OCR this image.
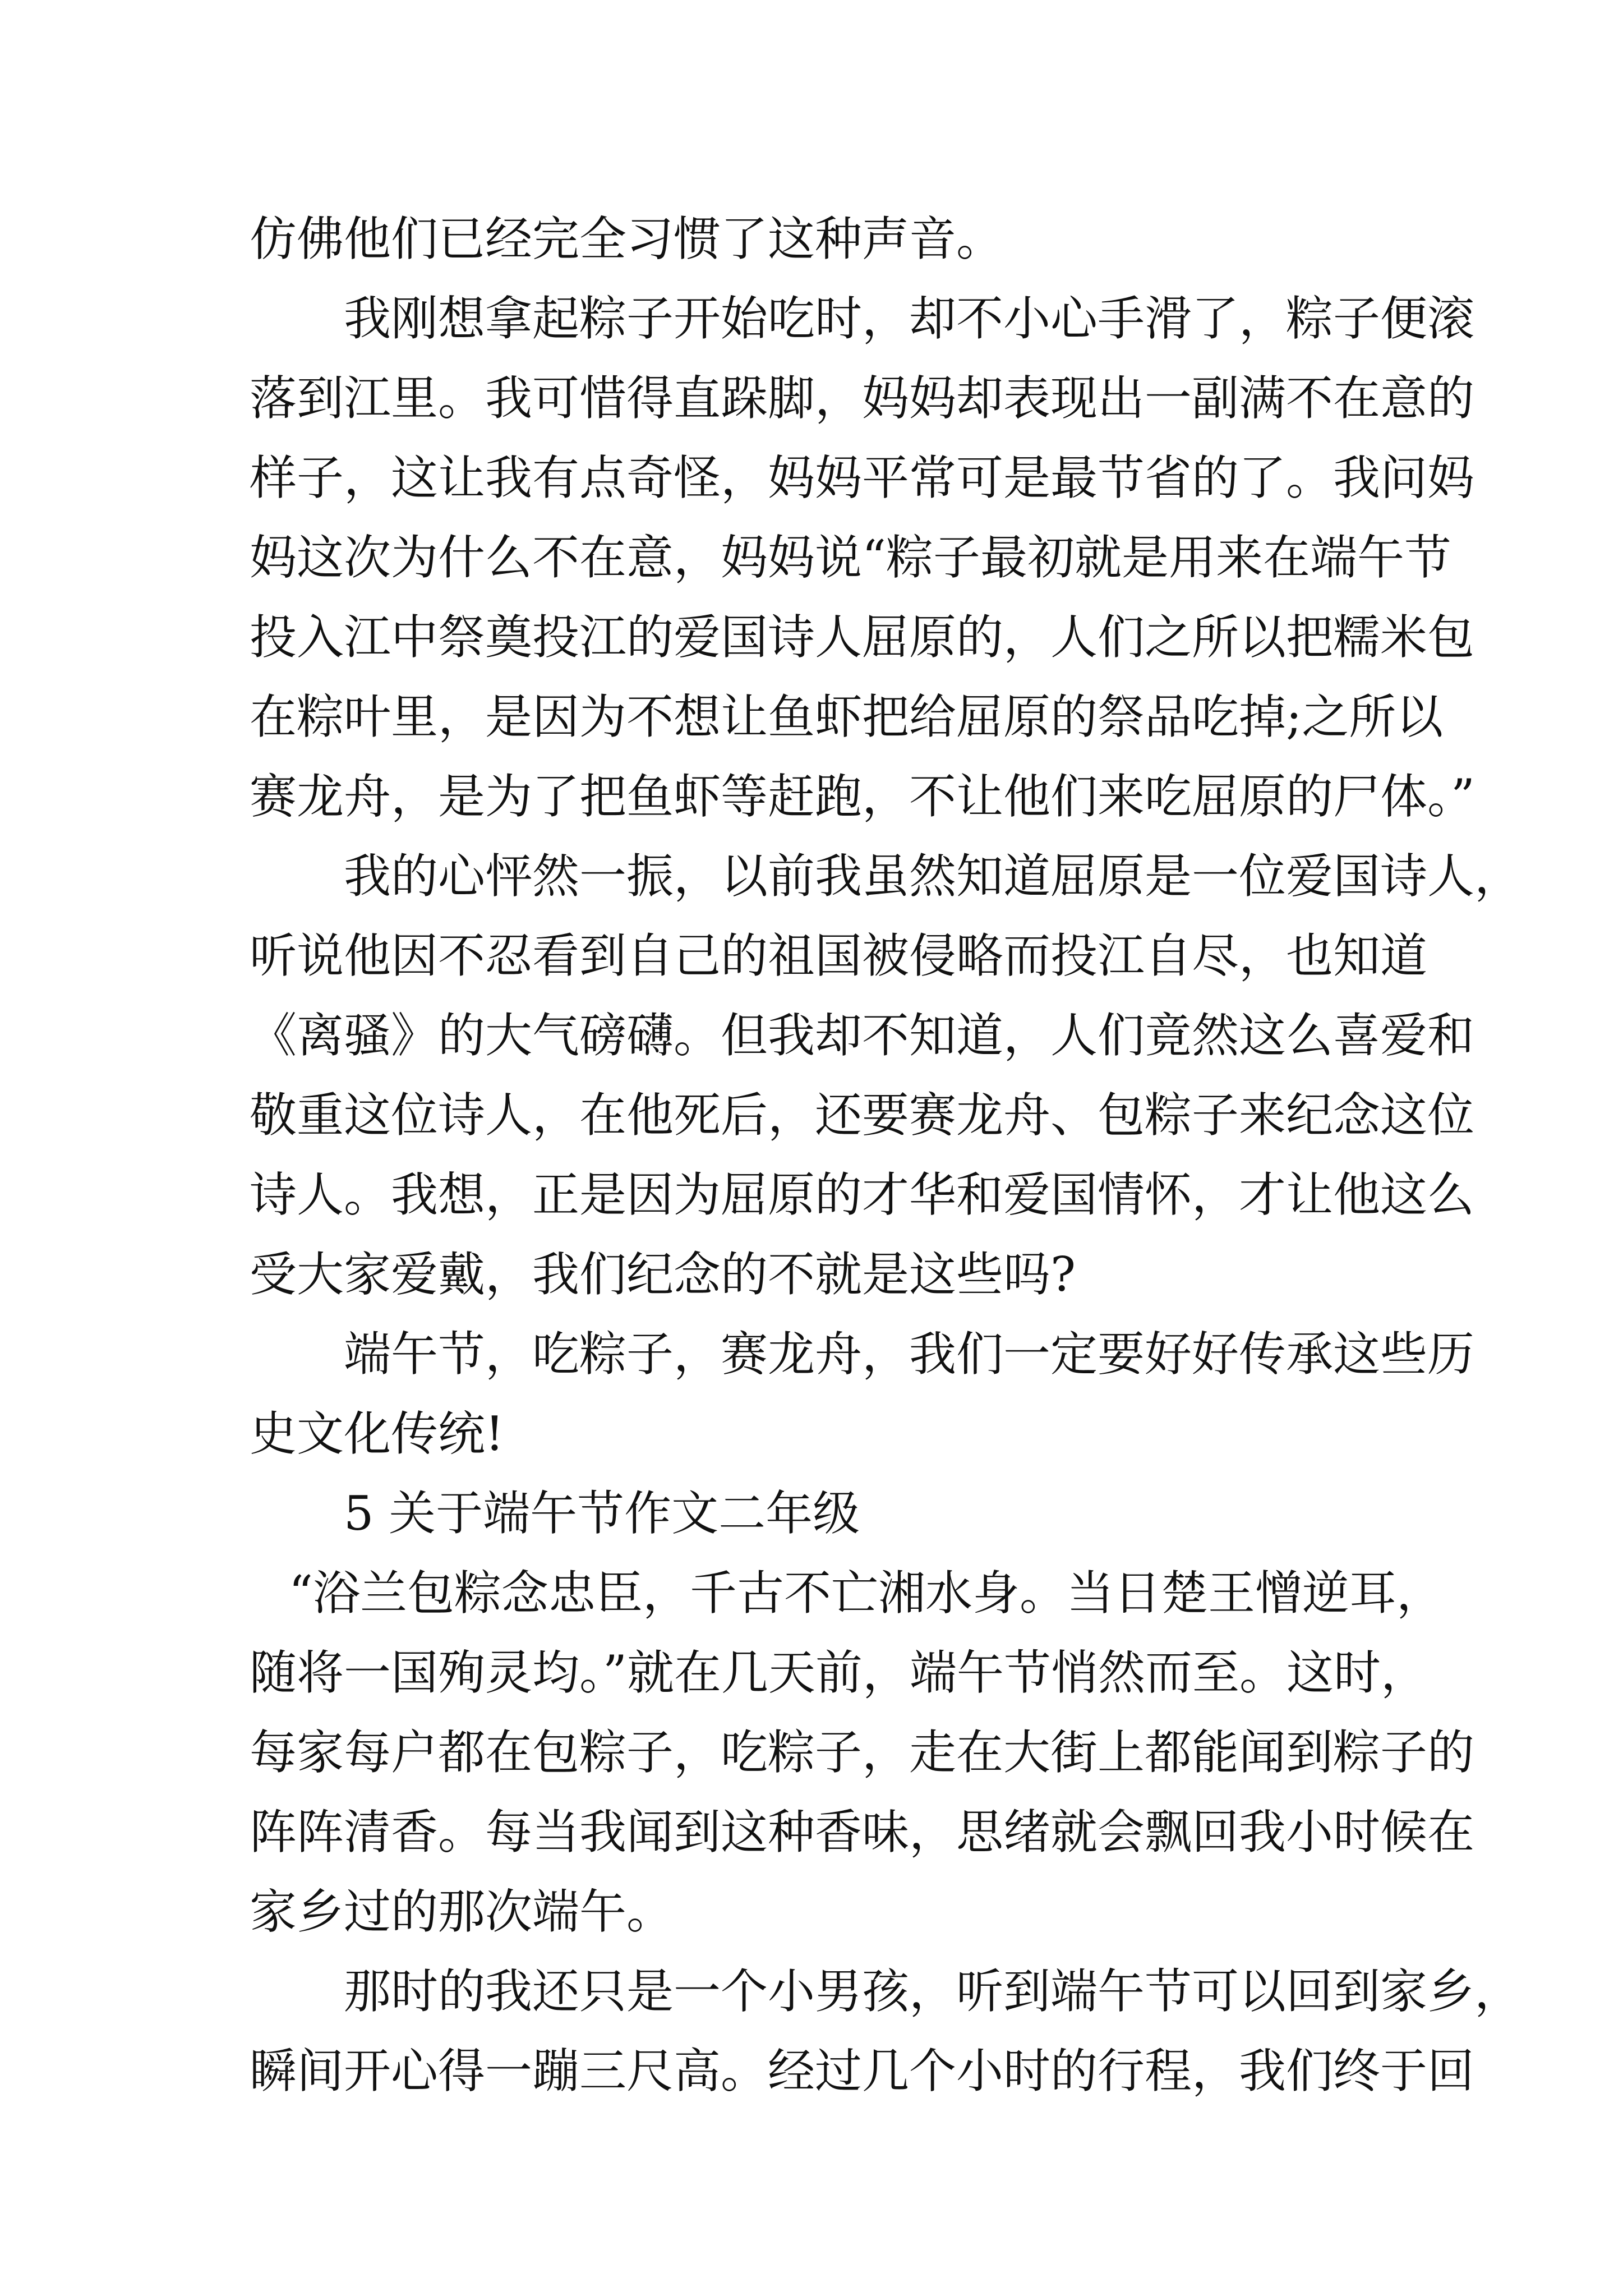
仿佛他们已经完全习惯了这种声音。
我刚想拿起粽子开始吃时，却不小心手滑了，粽子便滚
落到江里。我可惜得直跺脚，妈妈却表现出一副满不在意的
样子，这让我有点奇怪，妈妈平常可是最节省的了。我问妈
妈这次为什么不在意，妈妈说“粽子最初就是用来在端午节
投入江中祭奠投江的爱国诗人屈原的，人们之所以把糯米包
在粽叶里，是因为不想让鱼虾把给屈原的祭品吃掉;之所以
赛龙舟，是为了把鱼虾等赶跑，不让他们来吃屈原的尸体。”
我的心怦然一振，以前我虽然知道屈原是一位爱国诗人，
听说他因不忍看到自己的祖国被侵略而投江自尽，也知道
《离骚》的大气磅礴。但我却不知道，人们竟然这么喜爱和
敬重这位诗人，在他死后，还要赛龙舟、包粽子来纪念这位
诗人。我想，正是因为屈原的才华和爱国情怀，才让他这么
受大家爱戴，我们纪念的不就是这些吗?
端午节，吃粽子，赛龙舟，我们一定要好好传承这些历
史文化传统!
5 关于端午节作文二年级
“浴兰包粽念忠臣，千古不亡湘水身。当日楚王憎逆耳，
随将一国殉灵均。”就在几天前，端午节悄然而至。这时，
每家每户都在包粽子，吃粽子，走在大街上都能闻到粽子的
阵阵清香。每当我闻到这种香味，思绪就会飘回我小时候在
家乡过的那次端午。
那时的我还只是一个小男孩，听到端午节可以回到家乡，
瞬间开心得一蹦三尺高。经过几个小时的行程，我们终于回
